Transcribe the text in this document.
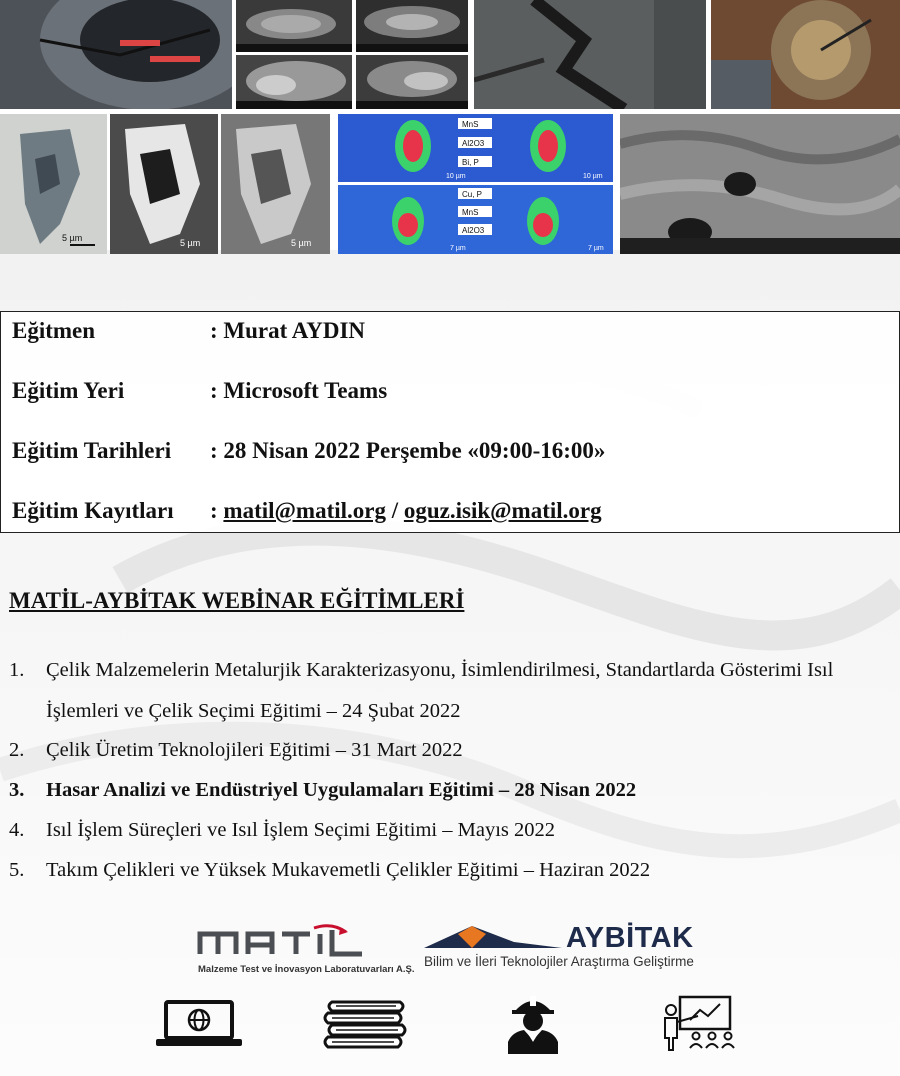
5 µm	5 µm	5 µm
MnS
Al2O3
Bi, P
10 µm	10 µm
Cu, P
MnS
Al2O3
7 µm	7 µm
Eğitmen	: Murat AYDIN
Eğitim Yeri	: Microsoft Teams
Eğitim Tarihleri : 28 Nisan 2022 Perşembe «09:00-16:00»
Eğitim Kayıtları : matil@matil.org / oguz.isik@matil.org
MATİL-AYBİTAK WEBİNAR EĞİTİMLERİ
1. Çelik Malzemelerin Metalurjik Karakterizasyonu, İsimlendirilmesi, Standartlarda Gösterimi Isıl İşlemleri ve Çelik Seçimi Eğitimi – 24 Şubat 2022
2. Çelik Üretim Teknolojileri Eğitimi – 31 Mart 2022
3. Hasar Analizi ve Endüstriyel Uygulamaları Eğitimi – 28 Nisan 2022
4. Isıl İşlem Süreçleri ve Isıl İşlem Seçimi Eğitimi – Mayıs 2022
5. Takım Çelikleri ve Yüksek Mukavemetli Çelikler Eğitimi – Haziran 2022
Malzeme Test ve İnovasyon Laboratuvarları A.Ş.
AYBİTAK
Bilim ve İleri Teknolojiler Araştırma Geliştirme
